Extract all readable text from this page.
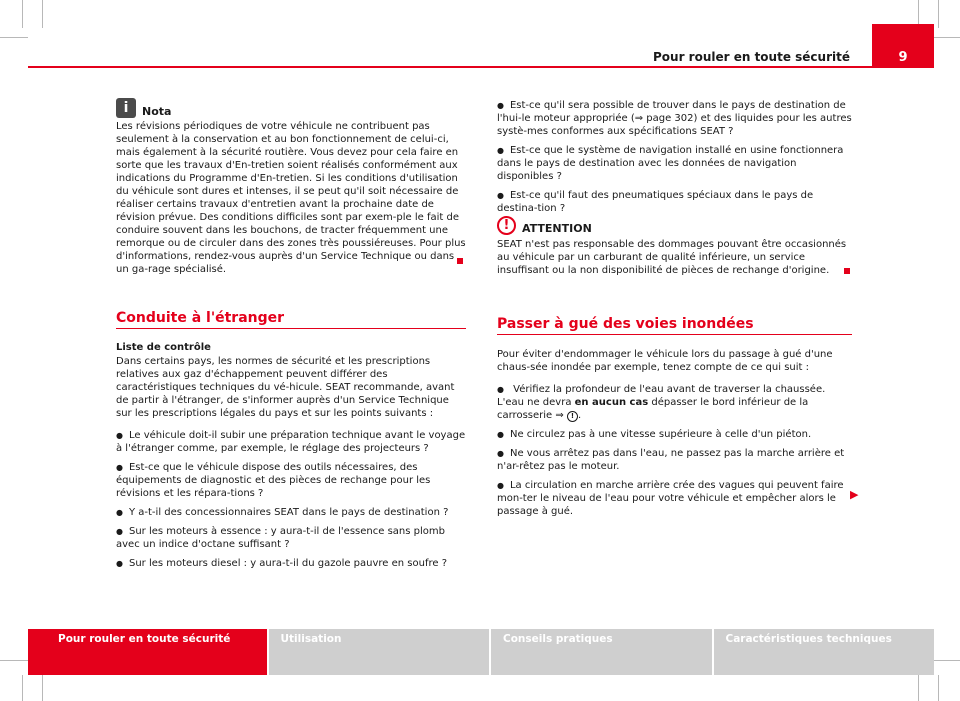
Pour rouler en toute sécurité	9
i	Nota

Les révisions périodiques de votre véhicule ne contribuent pas seulement à la conservation et au bon fonctionnement de celui-ci, mais également à la sécurité routière. Vous devez pour cela faire en sorte que les travaux d'En-tretien soient réalisés conformément aux indications du Programme d'En-tretien. Si les conditions d'utilisation du véhicule sont dures et intenses, il se peut qu'il soit nécessaire de réaliser certains travaux d'entretien avant la prochaine date de révision prévue. Des conditions difficiles sont par exem-ple le fait de conduire souvent dans les bouchons, de tracter fréquemment une remorque ou de circuler dans des zones très poussiéreuses. Pour plus d'informations, rendez-vous auprès d'un Service Technique ou dans un ga-rage spécialisé.

Conduite à l'étranger

Liste de contrôle

Dans certains pays, les normes de sécurité et les prescriptions relatives aux gaz d'échappement peuvent différer des caractéristiques techniques du vé-hicule. SEAT recommande, avant de partir à l'étranger, de s'informer auprès d'un Service Technique sur les prescriptions légales du pays et sur les points suivants :

● Le véhicule doit-il subir une préparation technique avant le voyage à l'étranger comme, par exemple, le réglage des projecteurs ?

● Est-ce que le véhicule dispose des outils nécessaires, des équipements de diagnostic et des pièces de rechange pour les révisions et les répara-tions ?

● Y a-t-il des concessionnaires SEAT dans le pays de destination ?

● Sur les moteurs à essence : y aura-t-il de l'essence sans plomb avec un indice d'octane suffisant ?

● Sur les moteurs diesel : y aura-t-il du gazole pauvre en soufre ?

● Est-ce qu'il sera possible de trouver dans le pays de destination de l'hui-le moteur appropriée (⇒ page 302) et des liquides pour les autres systè-mes conformes aux spécifications SEAT ?

● Est-ce que le système de navigation installé en usine fonctionnera dans le pays de destination avec les données de navigation disponibles ?

● Est-ce qu'il faut des pneumatiques spéciaux dans le pays de destina-tion ?

!	ATTENTION

SEAT n'est pas responsable des dommages pouvant être occasionnés au véhicule par un carburant de qualité inférieure, un service insuffisant ou la non disponibilité de pièces de rechange d'origine.

Passer à gué des voies inondées

Pour éviter d'endommager le véhicule lors du passage à gué d'une chaus-sée inondée par exemple, tenez compte de ce qui suit :

● Vérifiez la profondeur de l'eau avant de traverser la chaussée. L'eau ne devra en aucun cas dépasser le bord inférieur de la carrosserie ⇒ ! .

● Ne circulez pas à une vitesse supérieure à celle d'un piéton.

● Ne vous arrêtez pas dans l'eau, ne passez pas la marche arrière et n'ar-rêtez pas le moteur.

● La circulation en marche arrière crée des vagues qui peuvent faire mon-ter le niveau de l'eau pour votre véhicule et empêcher alors le passage à gué.

▶
Pour rouler en toute sécurité	Utilisation	Conseils pratiques	Caractéristiques techniques
